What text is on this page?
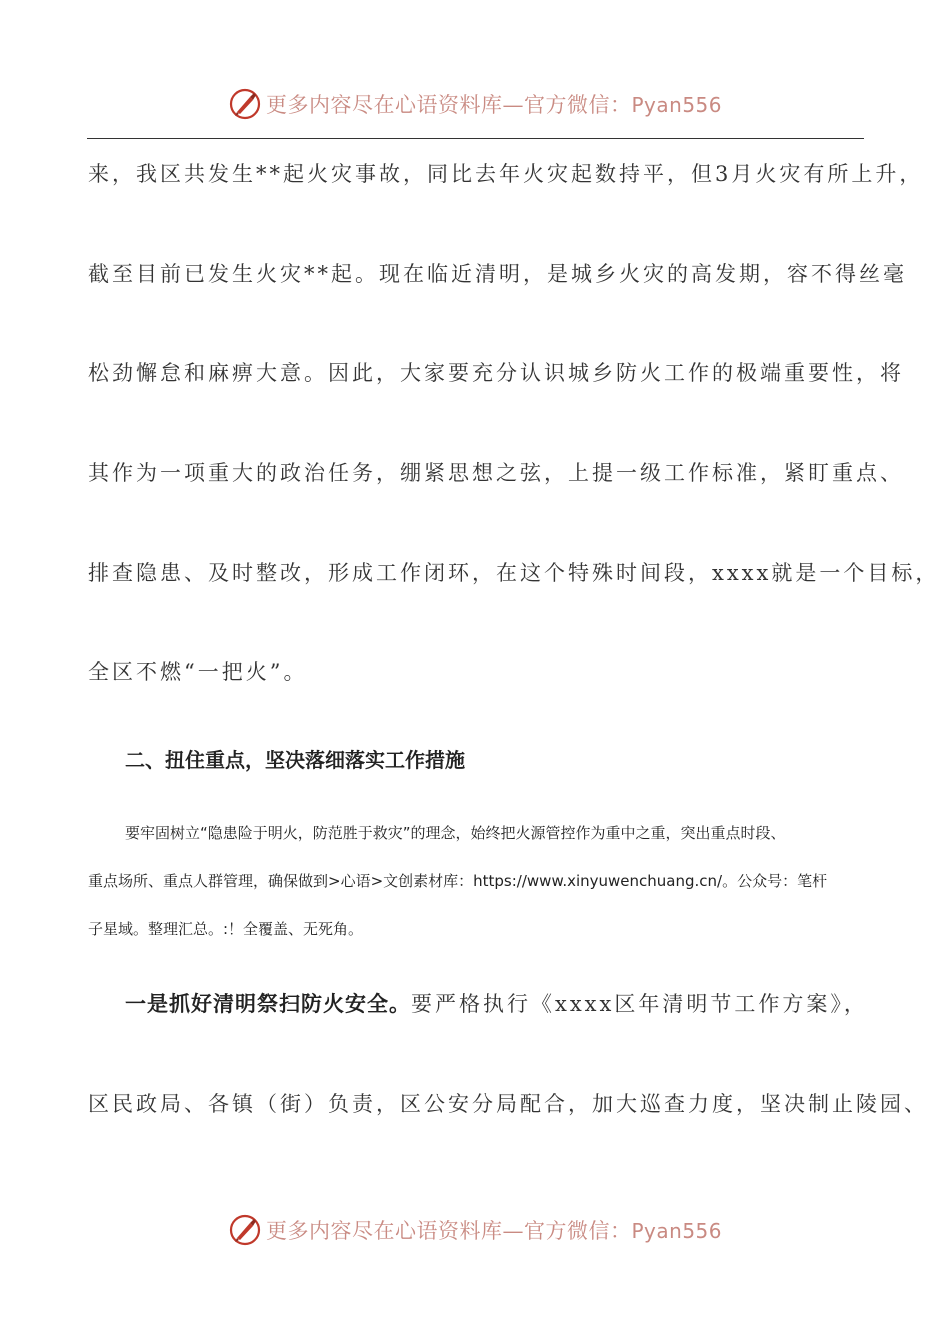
更多内容尽在心语资料库—官方微信：Pyan556
来，我区共发生**起火灾事故，同比去年火灾起数持平，但3月火灾有所上升，
截至目前已发生火灾**起。现在临近清明，是城乡火灾的高发期，容不得丝毫
松劲懈怠和麻痹大意。因此，大家要充分认识城乡防火工作的极端重要性，将
其作为一项重大的政治任务，绷紧思想之弦，上提一级工作标准，紧盯重点、
排查隐患、及时整改，形成工作闭环，在这个特殊时间段，xxxx就是一个目标，
全区不燃“一把火”。
二、扭住重点，坚决落细落实工作措施
要牢固树立“隐患险于明火，防范胜于救灾”的理念，始终把火源管控作为重中之重，突出重点时段、
重点场所、重点人群管理，确保做到>心语>文创素材库：https://www.xinyuwenchuang.cn/。公众号：笔杆
子星域。整理汇总。:！全覆盖、无死角。
一是抓好清明祭扫防火安全。要严格执行《xxxx区年清明节工作方案》，
区民政局、各镇（街）负责，区公安分局配合，加大巡查力度，坚决制止陵园、
更多内容尽在心语资料库—官方微信：Pyan556
